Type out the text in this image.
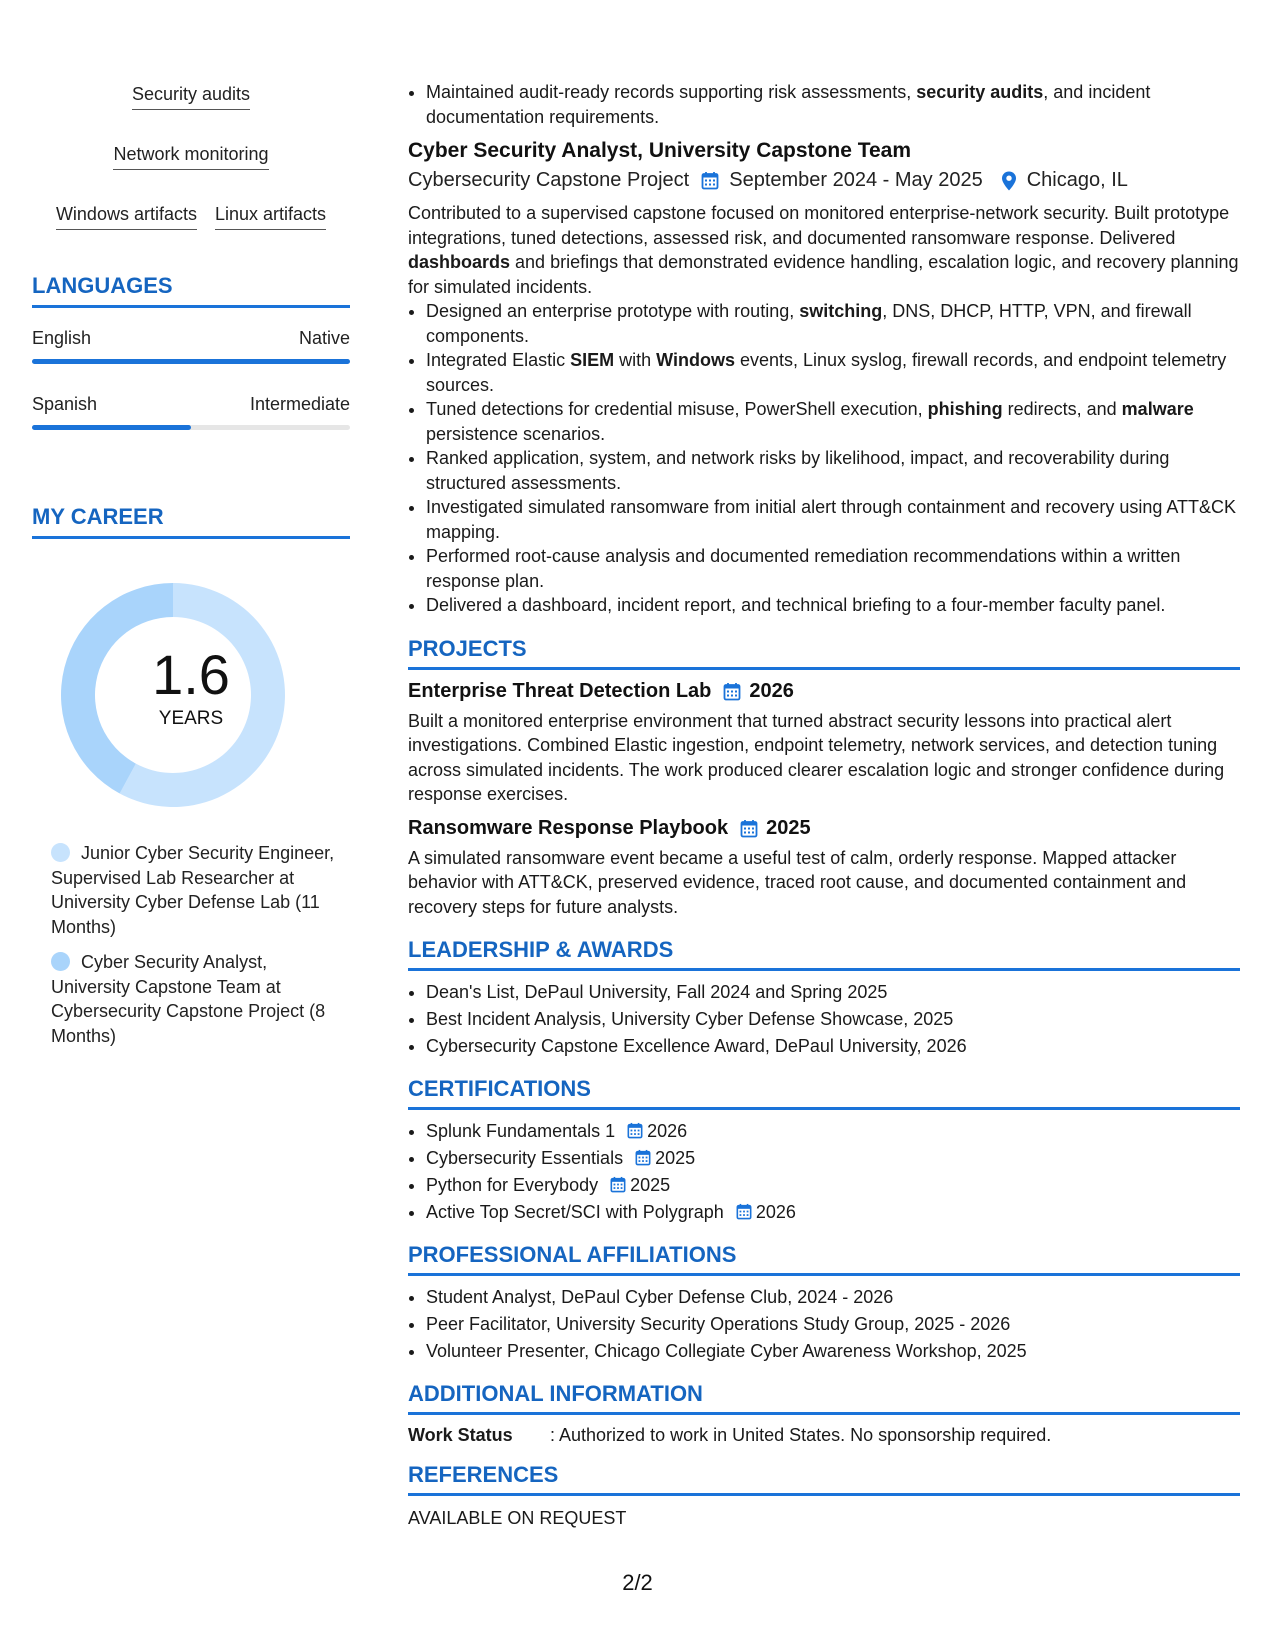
Security audits
Network monitoring
Windows artifacts Linux artifacts
LANGUAGES
English	Native
Spanish	Intermediate
MY CAREER
1.6
YEARS
Junior Cyber Security Engineer, Supervised Lab Researcher at University Cyber Defense Lab (11 Months)
Cyber Security Analyst, University Capstone Team at Cybersecurity Capstone Project (8 Months)
• Maintained audit-ready records supporting risk assessments, security audits, and incident documentation requirements.
Cyber Security Analyst, University Capstone Team
Cybersecurity Capstone Project September 2024 - May 2025 Chicago, IL
Contributed to a supervised capstone focused on monitored enterprise-network security. Built prototype integrations, tuned detections, assessed risk, and documented ransomware response. Delivered dashboards and briefings that demonstrated evidence handling, escalation logic, and recovery planning for simulated incidents.
• Designed an enterprise prototype with routing, switching, DNS, DHCP, HTTP, VPN, and firewall components.
• Integrated Elastic SIEM with Windows events, Linux syslog, firewall records, and endpoint telemetry sources.
• Tuned detections for credential misuse, PowerShell execution, phishing redirects, and malware persistence scenarios.
• Ranked application, system, and network risks by likelihood, impact, and recoverability during structured assessments.
• Investigated simulated ransomware from initial alert through containment and recovery using ATT&CK mapping.
• Performed root-cause analysis and documented remediation recommendations within a written response plan.
• Delivered a dashboard, incident report, and technical briefing to a four-member faculty panel.
PROJECTS
Enterprise Threat Detection Lab 2026
Built a monitored enterprise environment that turned abstract security lessons into practical alert investigations. Combined Elastic ingestion, endpoint telemetry, network services, and detection tuning across simulated incidents. The work produced clearer escalation logic and stronger confidence during response exercises.
Ransomware Response Playbook 2025
A simulated ransomware event became a useful test of calm, orderly response. Mapped attacker behavior with ATT&CK, preserved evidence, traced root cause, and documented containment and recovery steps for future analysts.
LEADERSHIP & AWARDS
• Dean's List, DePaul University, Fall 2024 and Spring 2025
• Best Incident Analysis, University Cyber Defense Showcase, 2025
• Cybersecurity Capstone Excellence Award, DePaul University, 2026
CERTIFICATIONS
• Splunk Fundamentals 1 2026
• Cybersecurity Essentials 2025
• Python for Everybody 2025
• Active Top Secret/SCI with Polygraph 2026
PROFESSIONAL AFFILIATIONS
• Student Analyst, DePaul Cyber Defense Club, 2024 - 2026
• Peer Facilitator, University Security Operations Study Group, 2025 - 2026
• Volunteer Presenter, Chicago Collegiate Cyber Awareness Workshop, 2025
ADDITIONAL INFORMATION
Work Status	: Authorized to work in United States. No sponsorship required.
REFERENCES
AVAILABLE ON REQUEST
2/2
